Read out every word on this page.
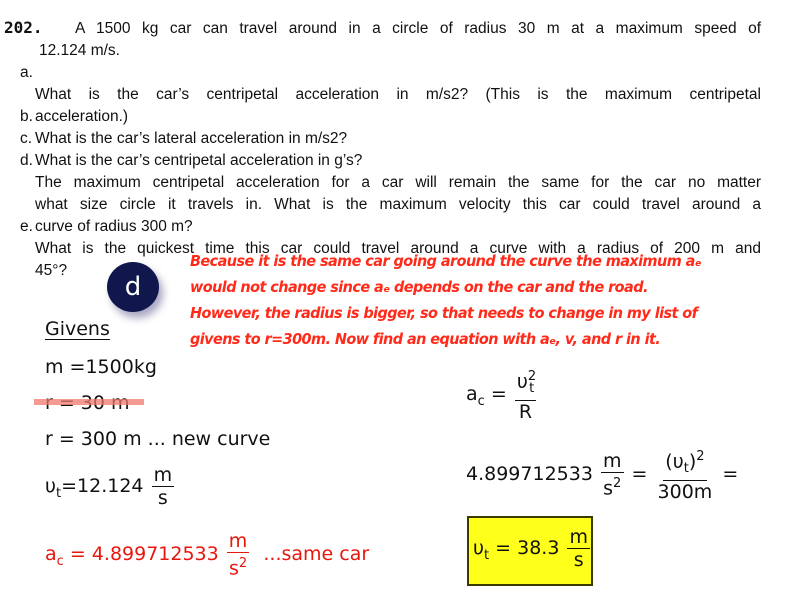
202. A 1500 kg car can travel around in a circle of radius 30 m at a maximum speed of
12.124 m/s.
a.
What is the car’s centripetal acceleration in m/s2? (This is the maximum centripetal
acceleration.)
b.
What is the car’s lateral acceleration in m/s2?
c.
What is the car’s centripetal acceleration in g’s?
d.
The maximum centripetal acceleration for a car will remain the same for the car no matter
what size circle it travels in. What is the maximum velocity this car could travel around a
curve of radius 300 m?
e.
What is the quickest time this car could travel around a curve with a radius of 200 m and
45°?
Because it is the same car going around the curve the maximum aₑ
would not change since aₑ depends on the car and the road.
However, the radius is bigger, so that needs to change in my list of
givens to r=300m. Now find an equation with aₑ, v, and r in it.
d
Givens
m =1500kg
r = 300 m ... new curve
$\upsilon_t=12.124 \frac{m}{s}$
$a_c = 4.899712533 \frac{m}{s^2}$ ...same car
$a_c = \frac{\upsilon^2_t}{R}$
$4.899712533 \frac{m}{s^2} = \frac{(\upsilon_t)^2}{300m}$ =
$\upsilon_t = 38.3 \frac{m}{s}$
